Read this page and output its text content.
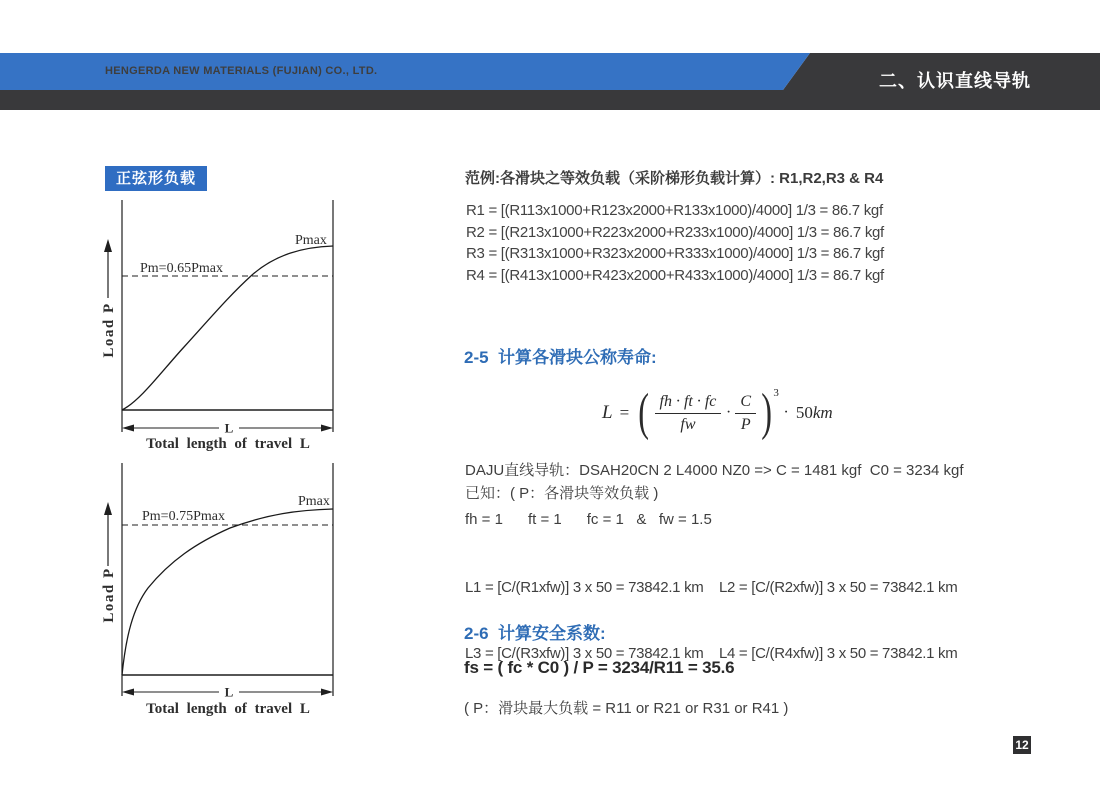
HENGERDA NEW MATERIALS (FUJIAN) CO., LTD.	二、认识直线导轨
正弦形负载
Pmax
Pm=0.65Pmax
Load P
L
Total length of travel L
Pmax
Pm=0.75Pmax
Load P
L
Total length of travel L
范例:各滑块之等效负载（采阶梯形负载计算）: R1,R2,R3 & R4
R1 = [(R113x1000+R123x2000+R133x1000)/4000] 1/3 = 86.7 kgf
R2 = [(R213x1000+R223x2000+R233x1000)/4000] 1/3 = 86.7 kgf
R3 = [(R313x1000+R323x2000+R333x1000)/4000] 1/3 = 86.7 kgf
R4 = [(R413x1000+R423x2000+R433x1000)/4000] 1/3 = 86.7 kgf
2-5  计算各滑块公称寿命:
L = ( $\frac{fh \cdot ft \cdot fc}{fw} \cdot \frac{C}{P}$ ) 3
· 50km
DAJU直线导轨：DSAH20CN 2 L4000 NZ0 => C = 1481 kgf  C0 = 3234 kgf
已知：( P：各滑块等效负载 )
fh = 1      ft = 1      fc = 1   &   fw = 1.5

L1 = [C/(R1xfw)] 3 x 50 = 73842.1 km    L2 = [C/(R2xfw)] 3 x 50 = 73842.1 km

L3 = [C/(R3xfw)] 3 x 50 = 73842.1 km    L4 = [C/(R4xfw)] 3 x 50 = 73842.1 km

2-6  计算安全系数:
fs = ( fc * C0 ) / P = 3234/R11 = 35.6
( P：滑块最大负载 = R11 or R21 or R31 or R41 )
12
